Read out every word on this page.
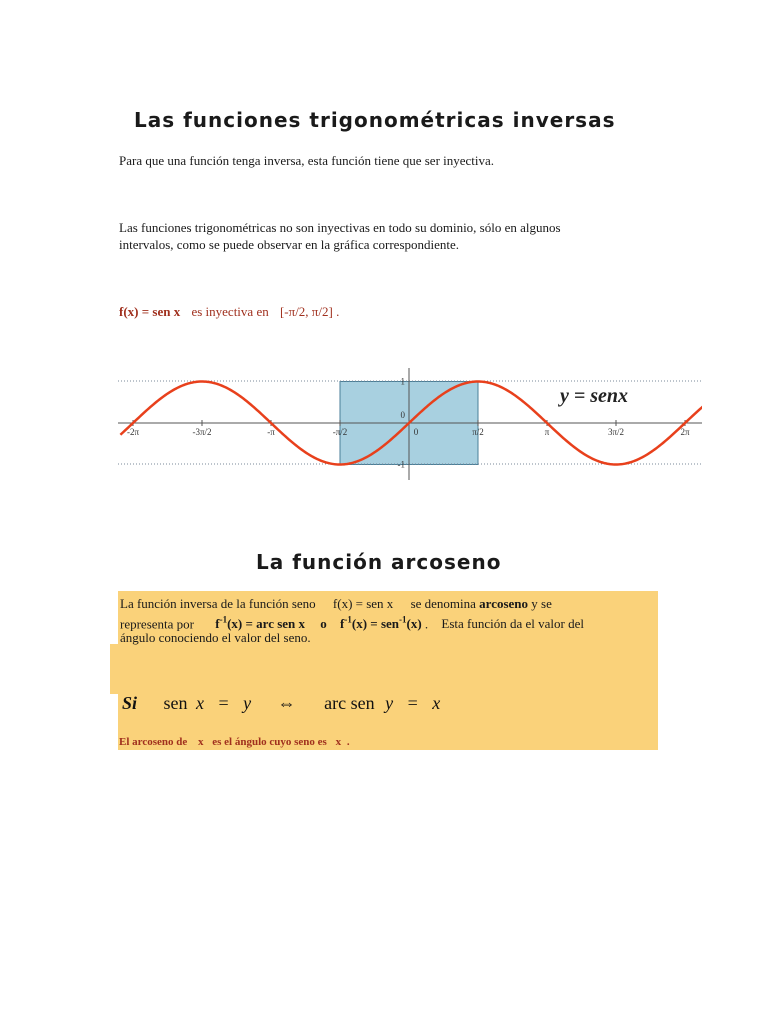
Las funciones trigonométricas inversas
Para que una función tenga inversa, esta función tiene que ser inyectiva.
Las funciones trigonométricas no son inyectivas en todo su dominio, sólo en algunos
intervalos, como se puede observar en la gráfica correspondiente.
f(x) = sen x es inyectiva en [-π/2, π/2] .
-2π	-3π/2	-π	-π/2	0	π/2	π	3π/2	2π
1
0
-1
y = senx
La función arcoseno
La función inversa de la función seno f(x) = sen x se denomina arcoseno y se
representa por $f^{-1}(x)$ = arc sen x o $f^{-1}(x) = sen^{-1}(x)$ . Esta función da el valor del
ángulo conociendo el valor del seno.
Si sen x = y ⇔ arc sen y = x
El arcoseno de x es el ángulo cuyo seno es x .
